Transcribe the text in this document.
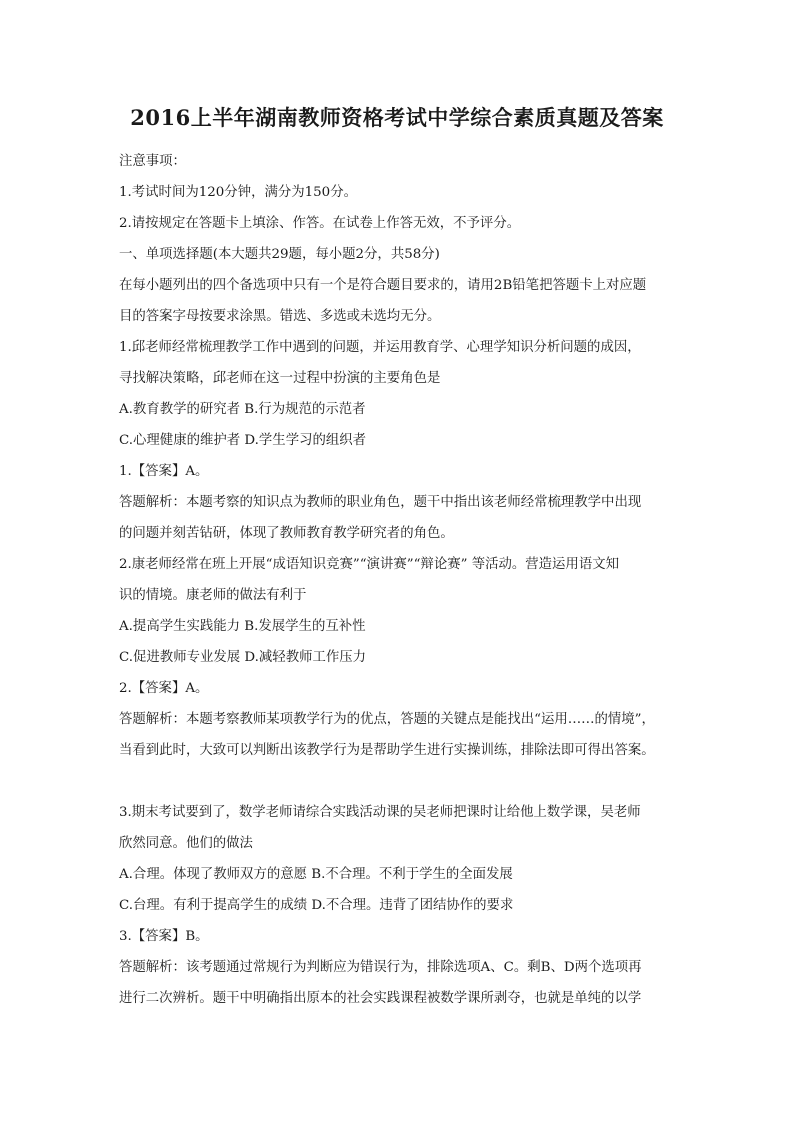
2016上半年湖南教师资格考试中学综合素质真题及答案
注意事项：
1.考试时间为120分钟，满分为150分。
2.请按规定在答题卡上填涂、作答。在试卷上作答无效，不予评分。
一、单项选择题(本大题共29题，每小题2分，共58分)
在每小题列出的四个备选项中只有一个是符合题目要求的，请用2B铅笔把答题卡上对应题
目的答案字母按要求涂黑。错选、多选或未选均无分。
1.邱老师经常梳理教学工作中遇到的问题，并运用教育学、心理学知识分析问题的成因，
寻找解决策略，邱老师在这一过程中扮演的主要角色是
A.教育教学的研究者 B.行为规范的示范者
C.心理健康的维护者 D.学生学习的组织者
1.【答案】A。
答题解析：本题考察的知识点为教师的职业角色，题干中指出该老师经常梳理教学中出现
的问题并刻苦钻研，体现了教师教育教学研究者的角色。
2.康老师经常在班上开展“成语知识竞赛”“演讲赛”“辩论赛” 等活动。营造运用语文知
识的情境。康老师的做法有利于
A.提高学生实践能力 B.发展学生的互补性
C.促进教师专业发展 D.减轻教师工作压力
2.【答案】A。
答题解析：本题考察教师某项教学行为的优点，答题的关键点是能找出“运用……的情境”，
当看到此时，大致可以判断出该教学行为是帮助学生进行实操训练，排除法即可得出答案。
3.期末考试要到了，数学老师请综合实践活动课的吴老师把课时让给他上数学课，吴老师
欣然同意。他们的做法
A.合理。体现了教师双方的意愿 B.不合理。不利于学生的全面发展
C.台理。有利于提高学生的成绩 D.不合理。违背了团结协作的要求
3.【答案】B。
答题解析：该考题通过常规行为判断应为错误行为，排除选项A、C。剩B、D两个选项再
进行二次辨析。题干中明确指出原本的社会实践课程被数学课所剥夺，也就是单纯的以学
